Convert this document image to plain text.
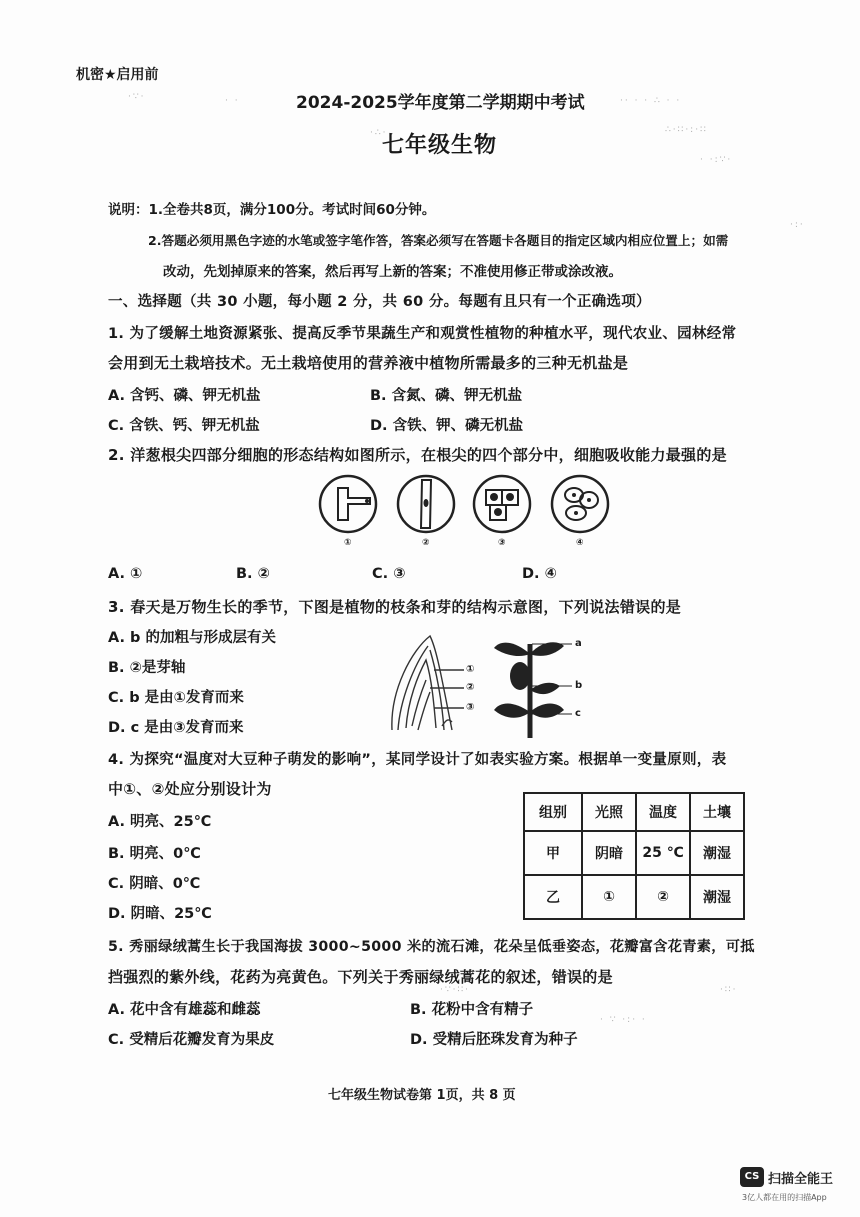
机密★启用前
2024-2025学年度第二学期期中考试
七年级生物
·∵·	· ·	·· · · ∴ · ·
·∴·	∴·∷·:·∷
· ·:∵·
·:·
·∵·∷·
· ∵ ·:· ·
·∷·
说明：1.全卷共8页，满分100分。考试时间60分钟。
2.答题必须用黑色字迹的水笔或签字笔作答，答案必须写在答题卡各题目的指定区域内相应位置上；如需
改动，先划掉原来的答案，然后再写上新的答案；不准使用修正带或涂改液。
一、选择题（共 30 小题，每小题 2 分，共 60 分。每题有且只有一个正确选项）
1. 为了缓解土地资源紧张、提高反季节果蔬生产和观赏性植物的种植水平，现代农业、园林经常
会用到无土栽培技术。无土栽培使用的营养液中植物所需最多的三种无机盐是
A. 含钙、磷、钾无机盐	B. 含氮、磷、钾无机盐
C. 含铁、钙、钾无机盐	D. 含铁、钾、磷无机盐
2. 洋葱根尖四部分细胞的形态结构如图所示，在根尖的四个部分中，细胞吸收能力最强的是
①	②	③	④
A. ①	B. ②	C. ③	D. ④
3. 春天是万物生长的季节，下图是植物的枝条和芽的结构示意图，下列说法错误的是
A. b 的加粗与形成层有关
B. ②是芽轴
C. b 是由①发育而来
D. c 是由③发育而来
①
②
③
a
b
c
4. 为探究“温度对大豆种子萌发的影响”，某同学设计了如表实验方案。根据单一变量原则，表
中①、②处应分别设计为
A. 明亮、25℃
B. 明亮、0℃
C. 阴暗、0℃
D. 阴暗、25℃
组别	光照	温度	土壤
甲	阴暗	25 ℃	潮湿
乙	①	②	潮湿
5. 秀丽绿绒蒿生长于我国海拔 3000~5000 米的流石滩，花朵呈低垂姿态，花瓣富含花青素，可抵
挡强烈的紫外线，花药为亮黄色。下列关于秀丽绿绒蒿花的叙述，错误的是
A. 花中含有雄蕊和雌蕊	B. 花粉中含有精子
C. 受精后花瓣发育为果皮	D. 受精后胚珠发育为种子
七年级生物试卷第 1页，共 8 页
CS 扫描全能王
3亿人都在用的扫描App
